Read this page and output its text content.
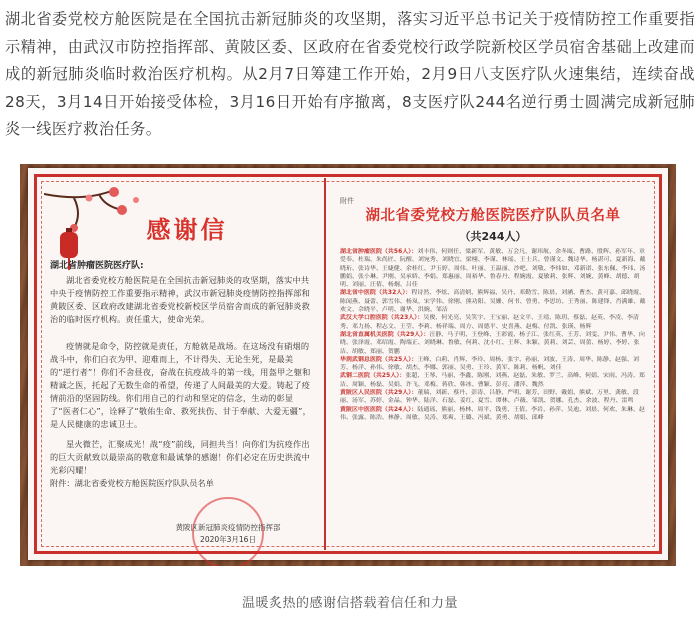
湖北省委党校方舱医院是在全国抗击新冠肺炎的攻坚期，落实习近平总书记关于疫情防控工作重要指示精神，由武汉市防控指挥部、黄陂区委、区政府在省委党校行政学院新校区学员宿舍基础上改建而成的新冠肺炎临时救治医疗机构。从2月7日筹建工作开始，2月9日八支医疗队火速集结，连续奋战28天，3月14日开始接受体检，3月16日开始有序撤离，8支医疗队244名逆行勇士圆满完成新冠肺炎一线医疗救治任务。
感谢信
湖北省肿瘤医院医疗队:
湖北省委党校方舱医院是在全国抗击新冠肺炎的攻坚期，落实中共中央于疫情防控工作重要指示精神，武汉市新冠肺炎疫情防控指挥部和黄陂区委、区政府改建湖北省委党校新校区学员宿舍而成的新冠肺炎救治的临时医疗机构。责任重大，使命光荣。
疫情就是命令，防控就是责任，方舱就是战场。在这场没有硝烟的战斗中，你们白衣为甲、迎难而上，不计得失、无论生死，是最美的“逆行者”！你们不舍昼夜，奋战在抗疫战斗的第一线，用盔甲之躯和精诚之医，托起了无数生命的希望，传递了人间最美的大爱。铸起了疫情前沿的坚固防线。你们用自己的行动和坚定的信念，生动的彰显了“医者仁心”，诠释了“敬佑生命、救死扶伤、甘于奉献、大爱无疆”，是人民健康的忠诚卫士。
星火微芒，汇聚成光！战“疫”前线，同担共当！向你们为抗疫作出的巨大贡献致以最崇高的敬意和最诚挚的感谢！你们必定在历史洪流中光彩闪耀！
附件：湖北省委党校方舱医院医疗队队员名单
黄陂区新冠肺炎疫情防控指挥部
2020年3月16日
附件
湖北省委党校方舱医院医疗队队员名单
（共244人）
湖北省肿瘤医院（共56人）：刘丰伟、何则任、梁新军、黄敏、万会凡、谢玮航、余冬瓯、曹路、殷辉、孙军年、章爱奉、杜瑞、朱尚匠、阮醒、刘宛秀、刘晓宜、梁栩、李谨、林瑶、王士兵、曾谨文、魏诗华、杨湛可、夏新海、戴晓珩、张诗华、王婕健、余桂红、尹玉婷、周伟、叶丽、王温丽、沙吧、刘敬、李炜如、邓新诺、张东佩、李玮、汤鹏娟、张小琳、尹刚、吴承娇、李娟、郑惠丽、周裕华、鲁春丹、程婉霞、夏敏莉、张辉、刘婉、黄峰、胡德、胡明、刘丽、汪倩、杨炯、吕佳
湖北省中医院（共32人）：程诗然、李炫、高清炳、熊辉福、吴丹、邓勤雪、陈晨、刘涵、曹杰、黄可嘉、邱晓霞、陈闻燕、聂蕾、郭雪伟、杨岚、宋学伟、徐刚、熊功阳、吴姗、何书、曾勇、李思坊、王秀丽、陈建锋、肖满雄、戴欢文、佘晓平、卢明、谢华、洪婉、邹洁
武汉大学口腔医院（共23人）：吴俊、何光亮、吴笑宇、王宝丽、赵文平、王靖、陈玥、蔡磊、赵英、李凌、李清秀、邓力扬、程志文、王莹、李莉、杨祥瑞、周方、周德平、史喜燕、赵梅、付凯、张瑛、杨辉
湖北省直属机关医院（共29人）：汪静、马子明、王登峰、王彩霞、杨子江、张红英、王芳、刘雯、尹伟、曹华、向晓、张泽霞、邓绍霞、陶端正、刘晓琳、鲁敏、何莉、沈小红、王辉、朱颖、黄莉、刘芸、周蕾、杨婷、李婷、张洁、胡敏、郑丽、贺鹏
华润武钢总医院（共25人）：王峰、白莉、肖辉、李玲、周杨、张宇、孙丽、刘波、王涛、周华、陈静、赵强、刘芳、杨洋、孙伟、徐敏、胡杰、李娜、郭丽、吴勇、王玲、黄军、陈莉、杨帆、刘佳
武钢二医院（共25人）：张超、王琴、马丽、李鑫、陈刚、刘燕、赵磊、朱敏、罗兰、高峰、何婧、宋雨、冯涛、郑洁、周颖、杨磊、吴娟、许飞、邓梅、蒋欣、韩冰、曹颖、彭亮、潘萍、魏然
黄陂区人民医院（共29人）：董瑞、刘新、蔡丹、彭涛、吕静、严明、谢芳、田野、戴娟、熊斌、万里、龚敏、段丽、汤军、苏婷、金晶、钟华、陆洋、石磊、姜红、夏雪、谭林、卢薇、邹凯、贺娜、孔杰、余波、程丹、雷鸣
黄陂区中医医院（共24人）：陆通瑶、熊丽、杨林、周平、钱勇、王倩、李岩、孙萍、吴迪、刘晨、何欢、朱琳、赵伟、张露、陈浩、林静、周敏、吴涛、郑爽、王璐、冯斌、黄勇、胡娟、邱峰
温暖炙热的感谢信搭载着信任和力量
